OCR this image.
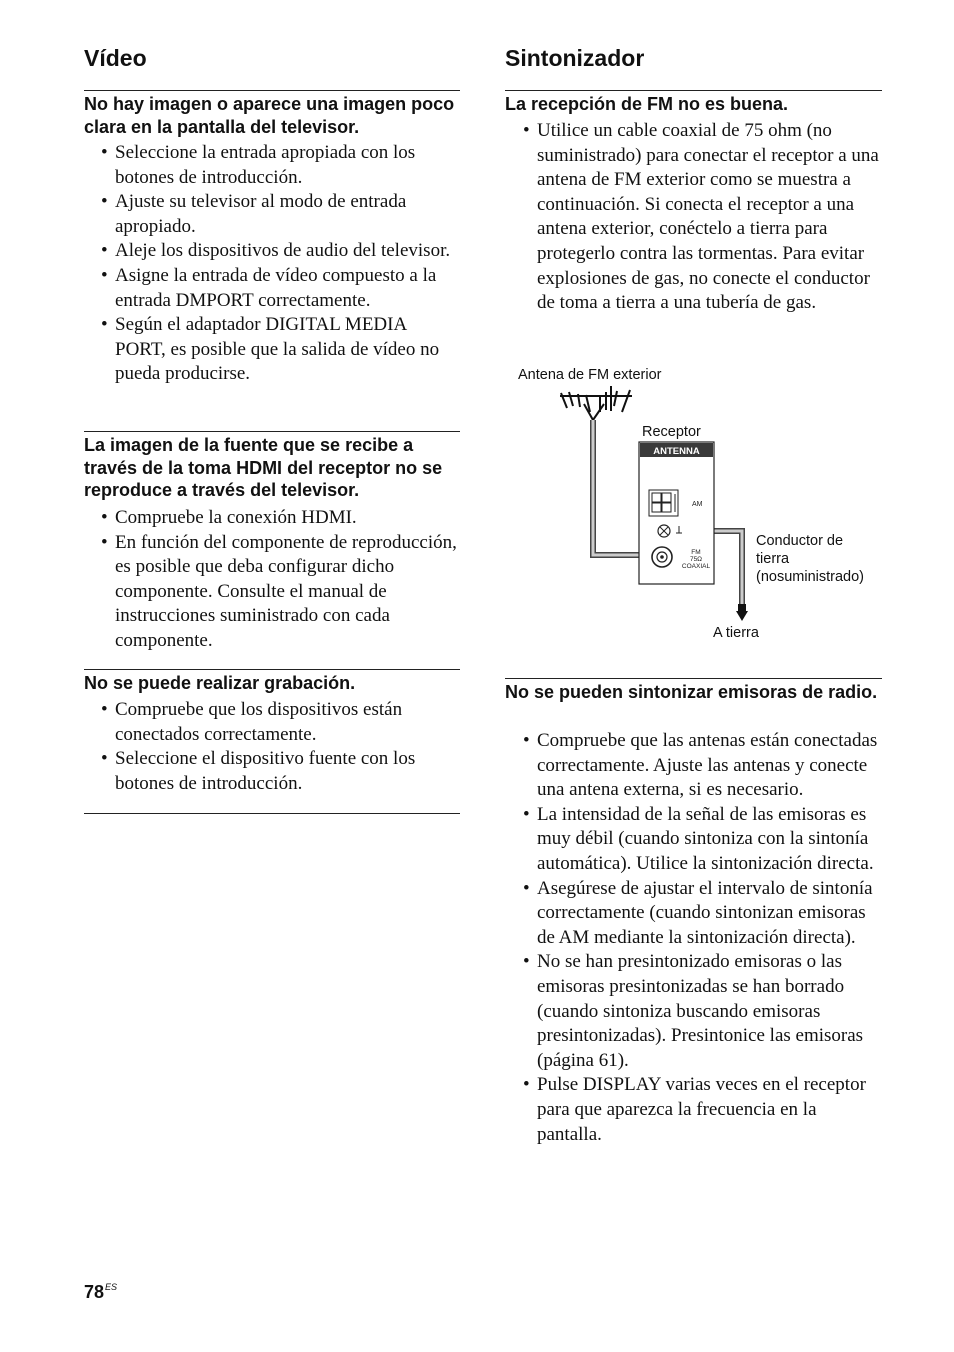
Vídeo
No hay imagen o aparece una imagen poco clara en la pantalla del televisor.
• Seleccione la entrada apropiada con los botones de introducción.
• Ajuste su televisor al modo de entrada apropiado.
• Aleje los dispositivos de audio del televisor.
• Asigne la entrada de vídeo compuesto a la entrada DMPORT correctamente.
• Según el adaptador DIGITAL MEDIA PORT, es posible que la salida de vídeo no pueda producirse.
La imagen de la fuente que se recibe a través de la toma HDMI del receptor no se reproduce a través del televisor.
• Compruebe la conexión HDMI.
• En función del componente de reproducción, es posible que deba configurar dicho componente. Consulte el manual de instrucciones suministrado con cada componente.
No se puede realizar grabación.
• Compruebe que los dispositivos están conectados correctamente.
• Seleccione el dispositivo fuente con los botones de introducción.
Sintonizador
La recepción de FM no es buena.
• Utilice un cable coaxial de 75 ohm (no suministrado) para conectar el receptor a una antena de FM exterior como se muestra a continuación. Si conecta el receptor a una antena exterior, conéctelo a tierra para protegerlo contra las tormentas. Para evitar explosiones de gas, no conecte el conductor de toma a tierra a una tubería de gas.
No se pueden sintonizar emisoras de radio.
• Compruebe que las antenas están conectadas correctamente. Ajuste las antenas y conecte una antena externa, si es necesario.
• La intensidad de la señal de las emisoras es muy débil (cuando sintoniza con la sintonía automática). Utilice la sintonización directa.
• Asegúrese de ajustar el intervalo de sintonía correctamente (cuando sintonizan emisoras de AM mediante la sintonización directa).
• No se han presintonizado emisoras o las emisoras presintonizadas se han borrado (cuando sintoniza buscando emisoras presintonizadas). Presintonice las emisoras (página 61).
• Pulse DISPLAY varias veces en el receptor para que aparezca la frecuencia en la pantalla.
Antena de FM exterior
Receptor
Conductor de
tierra
(nosuministrado)
A tierra
ANTENNA
AM
FM
75Ω
COAXIAL
$78^{ES}$
